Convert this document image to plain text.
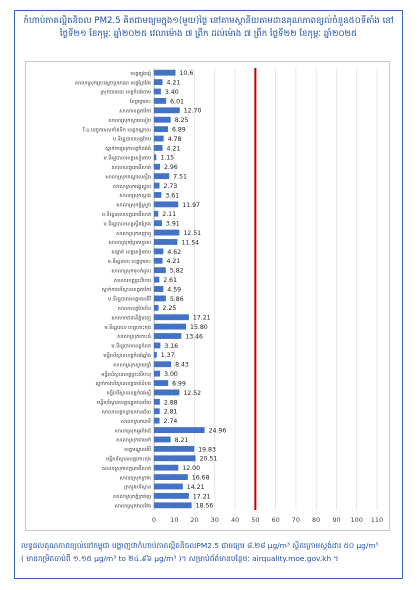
កំហាប់ភាគល្អិតនិចល PM2.5 គិតជាមធ្យមក្នុង១(មួយ)ថ្ងៃ នៅតាមស្ថានីយតាមដានគុណភាពខ្យល់ចំនួន៥០ទីតាំង នៅថ្ងៃទី២១ ខែកុម្ភៈ ឆ្នាំ២០២៥ វេលាម៉ោង ៧ ព្រឹក ដល់ម៉ោង ៧ ព្រឹក ថ្ងៃទី២២ ខែកុម្ភៈ ឆ្នាំ២០២៥
0 10 20 30 40 50 60 70 80 90 100 110
10.6
ខេត្តត្បូងឃ្មុំ
4.21
សាលាស្រុកព្រះស្ដេចប្រមាណ ខេត្តព្រៃវែង
3.40
ស្រុកបាធាយ ខេត្តកំពង់ចាម
6.01
ខែត្រក្រចេះ
12.70
សាលាខេត្តតាកែវ
8.25
សាលាស្រុកស្វាយទៀប
6.89
វិ.ឧ.បច្ចេកទេសកាំងទីក ខេត្តកណ្ដាល
4.78
ម.ទីរដ្ឋបាលខេត្តកែប
4.21
ស្នាក់ការស្រុកខេត្តកំពង់ធំ
1.15
ម.ទីរដ្ឋបាលខេត្តសៀមរាប
2.96
សាលាខេត្តពោធិ៍សាត់
7.51
សាលាស្រុកកណ្ដាលស្ទឹង
2.73
សាលាស្រុកអង្គស្នួល
3.61
សាលាស្រុកស្អាង
11.97
សាលាស្រុកភ្នំស្រួច
2.11
ម.ទីរដ្ឋបាលខេត្តពោធិ៍សាត់
3.91
ម.ទីរដ្ឋបាលខេត្តស្ទឹងត្រែង
12.51
សាលាស្រុកពញាឮ
11.54
សាលាស្រុកព្រៃកប្បាស
4.62
សង្កាត់ ខេត្តសៀមរាប
4.21
ម.ទីរដ្ឋបាល ខេត្តក្រចេះ
5.82
សាលាស្រុកមុខកំពូល
2.61
សាលាខេត្តព្រះវិហារ
4.59
ស្នាក់ការបរិស្ថានខេត្តតាកែវ
5.86
ម.ទីរដ្ឋបាលខេត្តរតនគិរី
2.25
សាលាខេត្តប៉ៃលិន
17.21
សាលារាជធានីភ្នំពេញ
15.80
ម.ទីរដ្ឋបាល ខេត្តកោះកុង
13.46
សាលាស្រុកកោះធំ
3.16
ម.ទីរដ្ឋបាលខេត្តកំពត
1.37
មន្ទីរបរិស្ថានខេត្តកំពង់ឆ្នាំង
8.43
សាលាស្រុកស្វាយជ្រំ
3.00
មន្ទីរបរិស្ថានខេត្តព្រះសីហនុ
6.99
ស្នាក់ការបរិស្ថានខេត្តបាត់ដំបង
12.52
មន្ទីរបរិស្ថានខេត្តកំពង់ស្ពឺ
2.88
មន្ទីរបរិស្ថានខេត្តឧត្ដរមានជ័យ
2.81
សាលាខេត្តបន្ទាយមានជ័យ
2.74
សាលាស្រុកបាទី
24.96
សាលាស្រុកអូររាំងឪ
8.21
សាលាស្រុកពាមរក៍
19.83
ខេត្តមណ្ឌលគិរី
20.51
មន្ទីរបរិស្ថានខេត្តកោះកុង
12.00
សាលាស្រុកខេត្តពោធិ៍សាត់
16.68
សាលាស្រុកក្រគរ
14.21
ក្រសួងបរិស្ថាន
17.21
សាលាស្រុកភ្នំក្រវាញ
18.56
សាលាស្រុកវាលវែង
លទ្ធផលគុណភាពខ្យល់នៅកម្ពុជា បង្ហាញថាកំហាប់ភាគល្អិតនិចលPM2.5 ជាមធ្យម ៨.២៨ µg/m³ ស្ថិតក្រោមស្តង់ដារ ៥០ µg/m³
( មានកម្រិតចាប់ពី ១.១៥ µg/m³ to ២៤.៩៦ µg/m³ )។ សម្រាប់ព័ត៌មានបន្ថែម: airquality.moe.gov.kh ។
